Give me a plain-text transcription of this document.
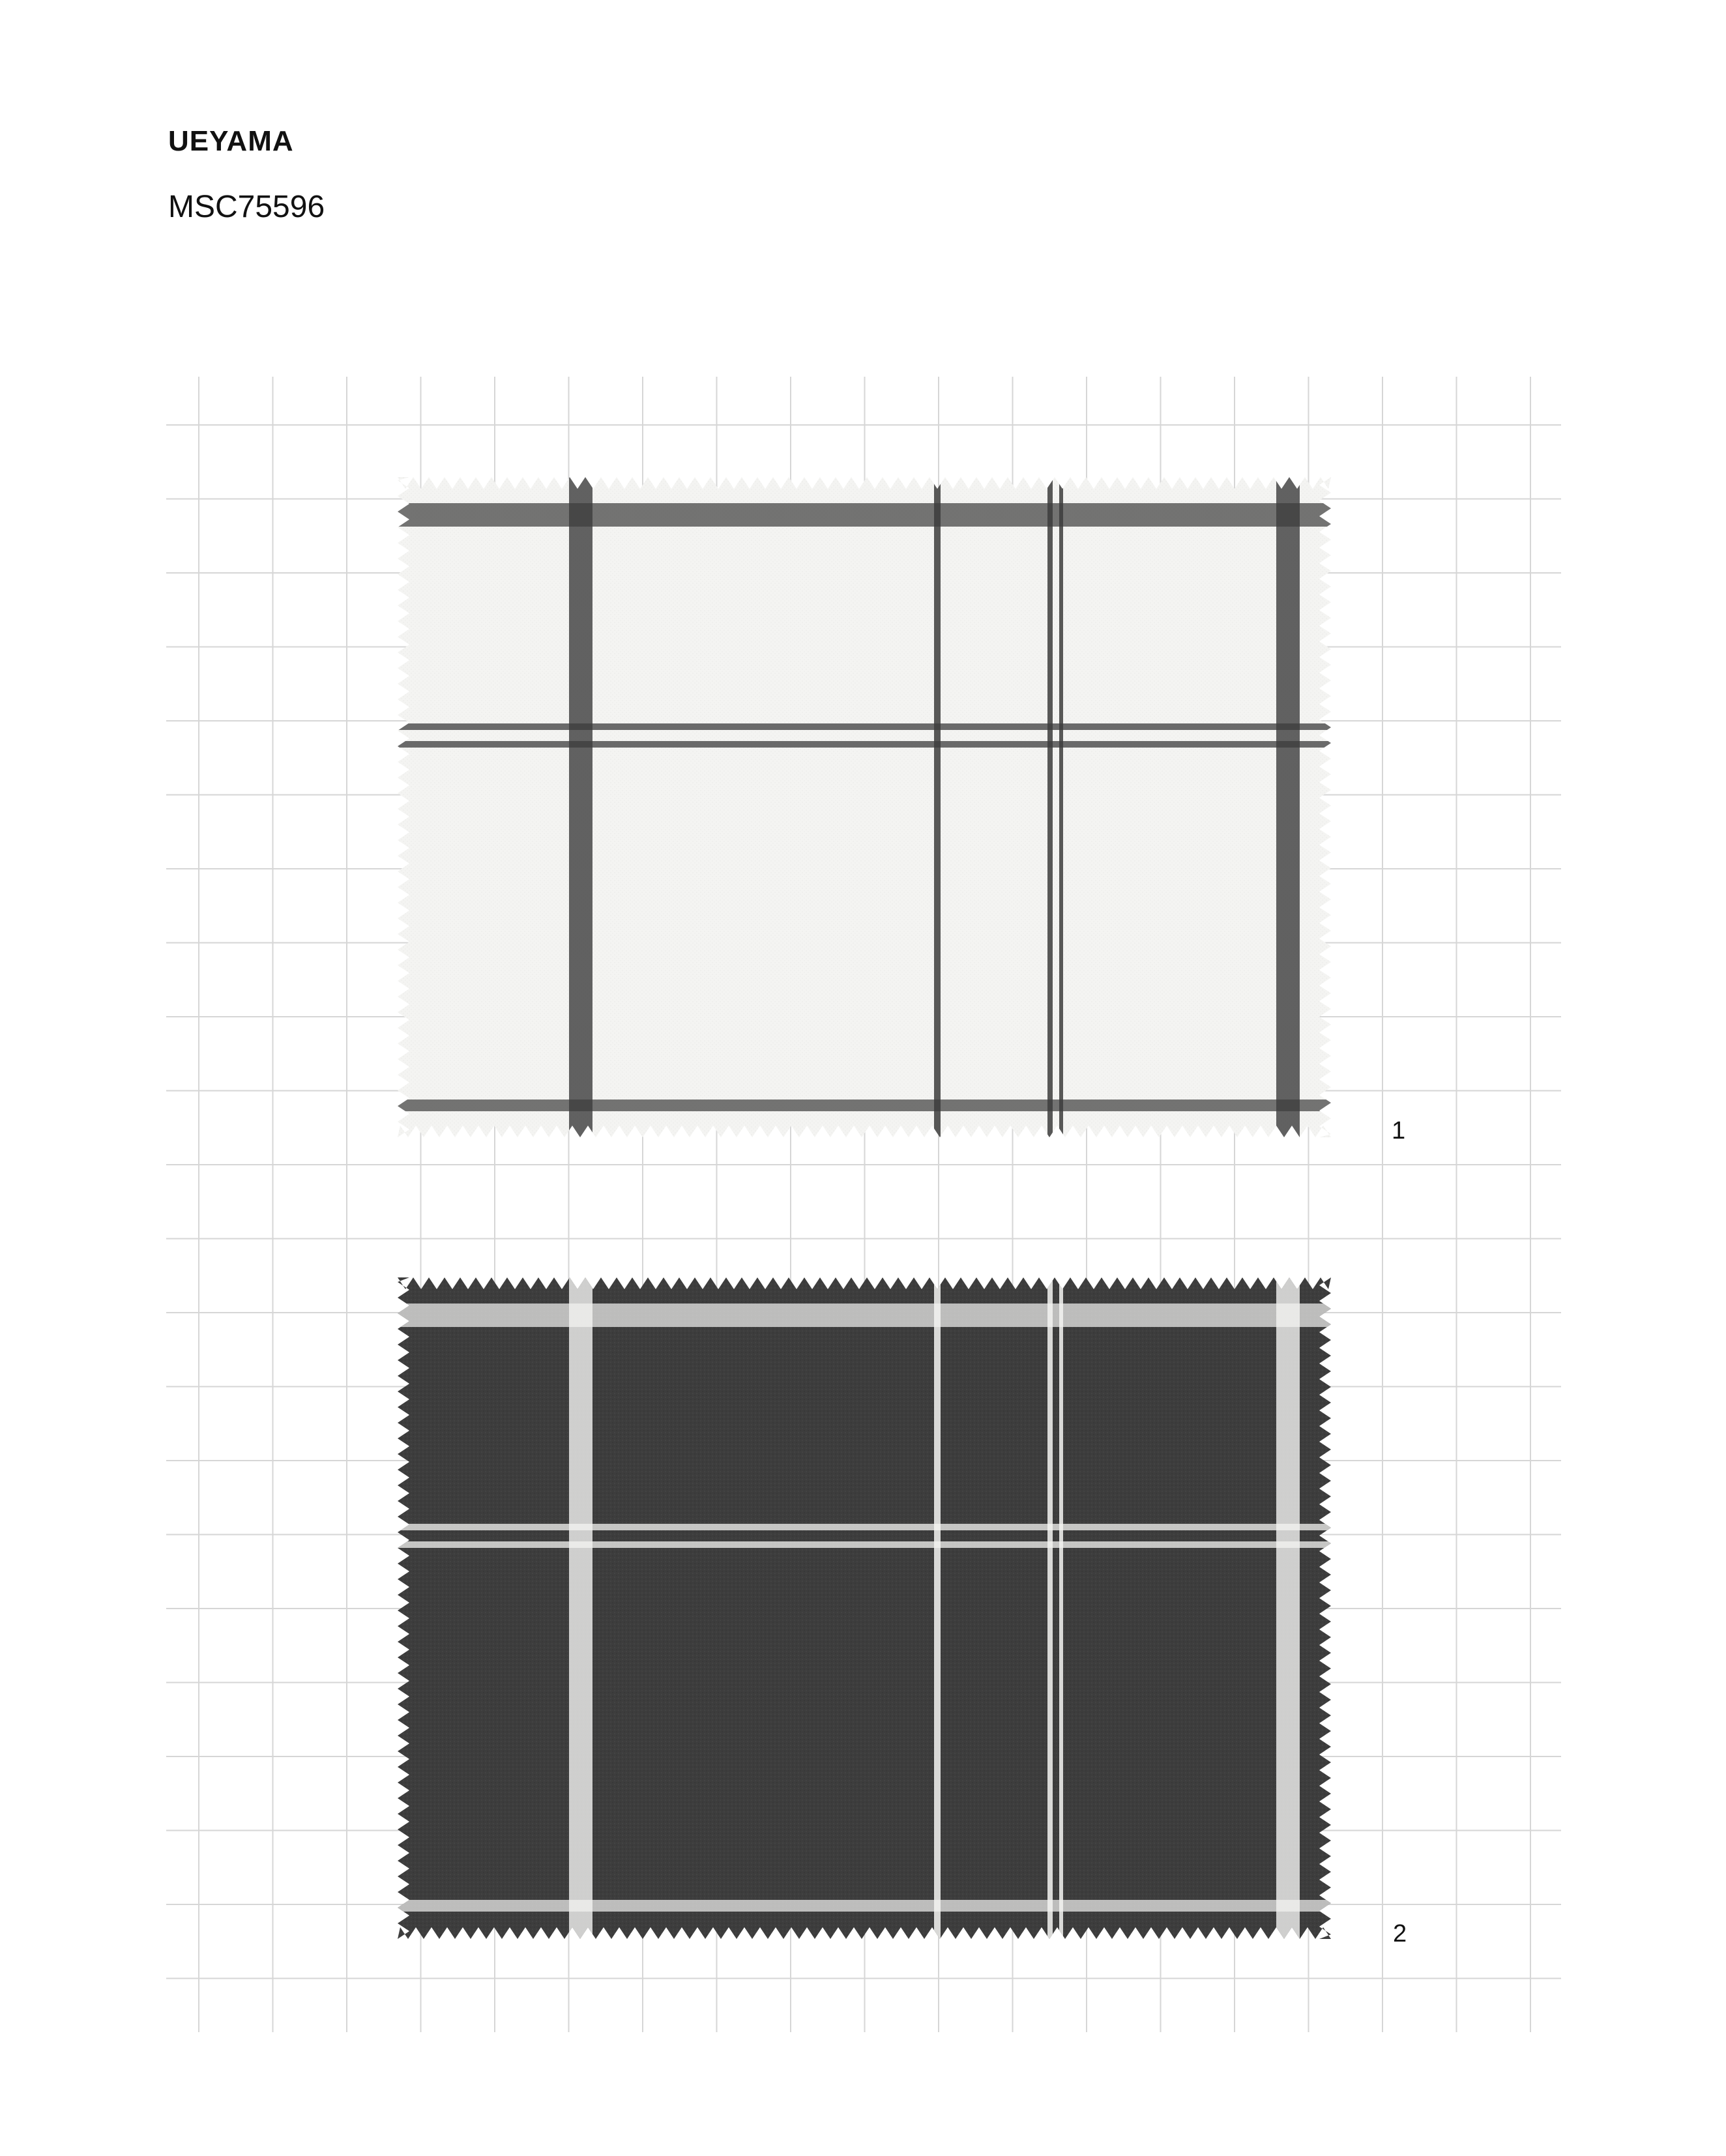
UEYAMA
MSC75596
1
2
